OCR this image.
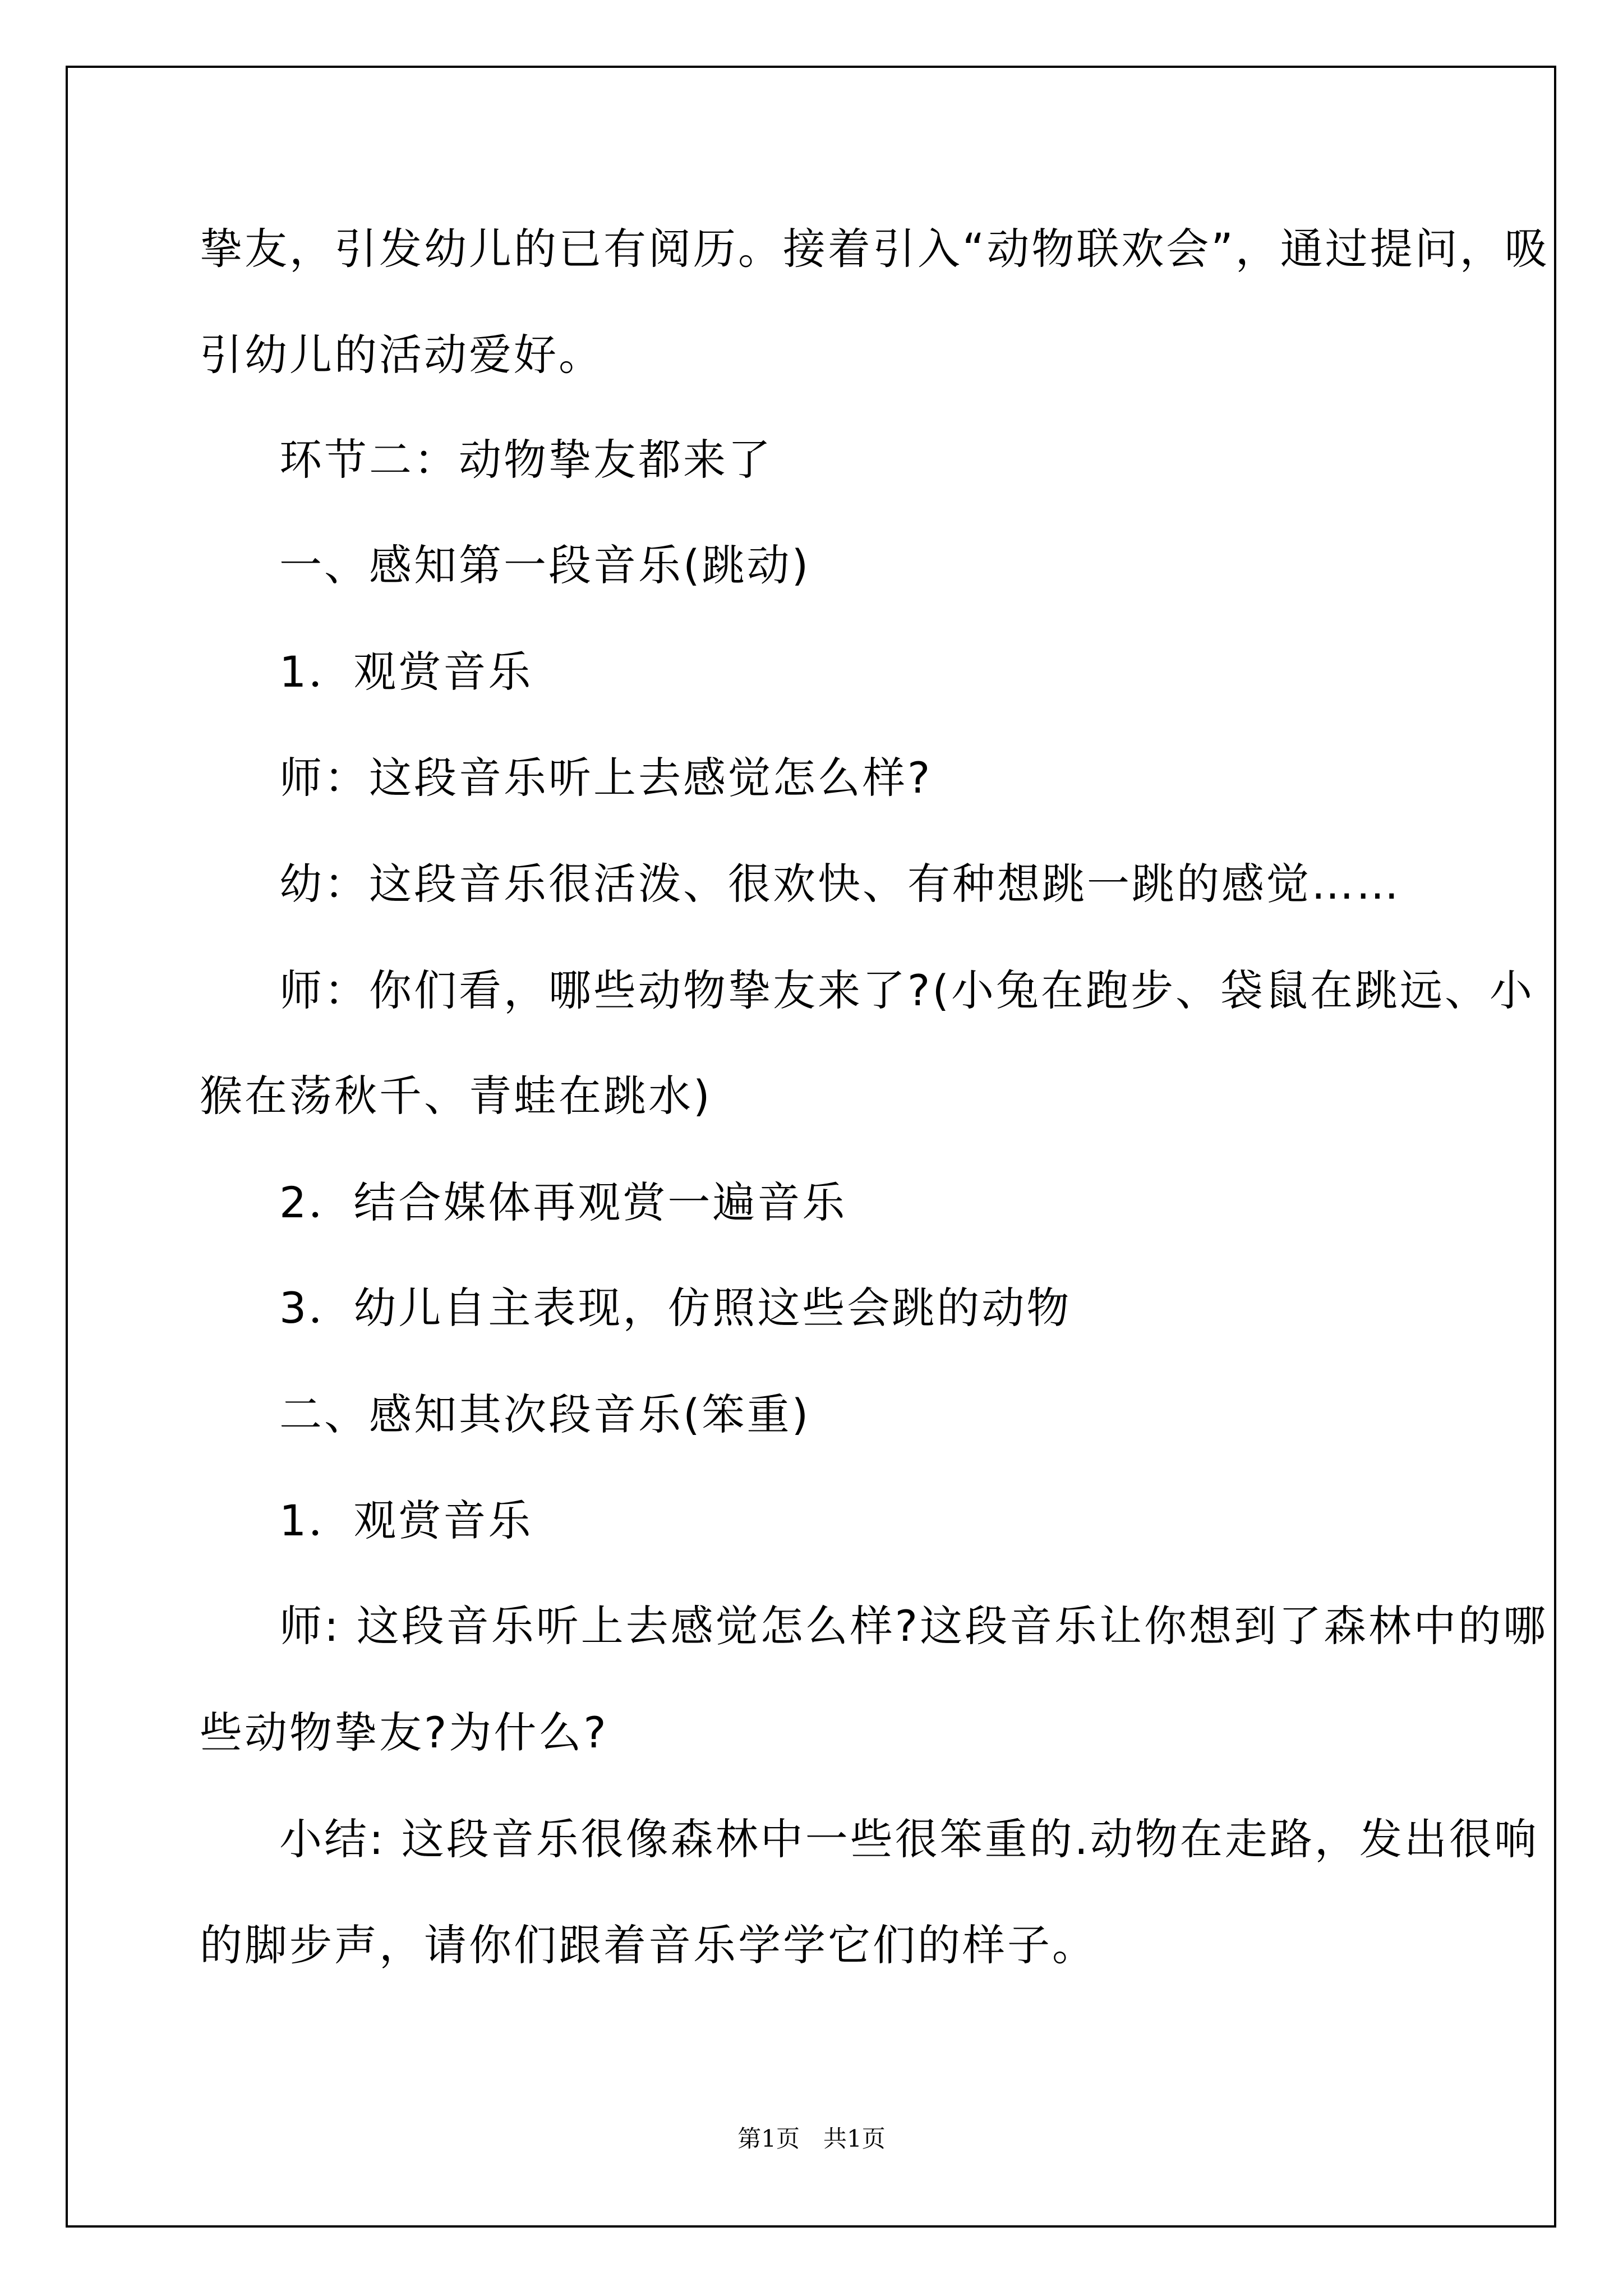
挚友，引发幼儿的已有阅历。接着引入“动物联欢会”，通过提问，吸
引幼儿的活动爱好。
环节二：动物挚友都来了
一、感知第一段音乐(跳动)
1．观赏音乐
师：这段音乐听上去感觉怎么样?
幼：这段音乐很活泼、很欢快、有种想跳一跳的感觉……
师：你们看，哪些动物挚友来了?(小兔在跑步、袋鼠在跳远、小
猴在荡秋千、青蛙在跳水)
2．结合媒体再观赏一遍音乐
3．幼儿自主表现，仿照这些会跳的动物
二、感知其次段音乐(笨重)
1．观赏音乐
师: 这段音乐听上去感觉怎么样?这段音乐让你想到了森林中的哪
些动物挚友?为什么?
小结: 这段音乐很像森林中一些很笨重的.动物在走路，发出很响
的脚步声，请你们跟着音乐学学它们的样子。
第1页　共1页
